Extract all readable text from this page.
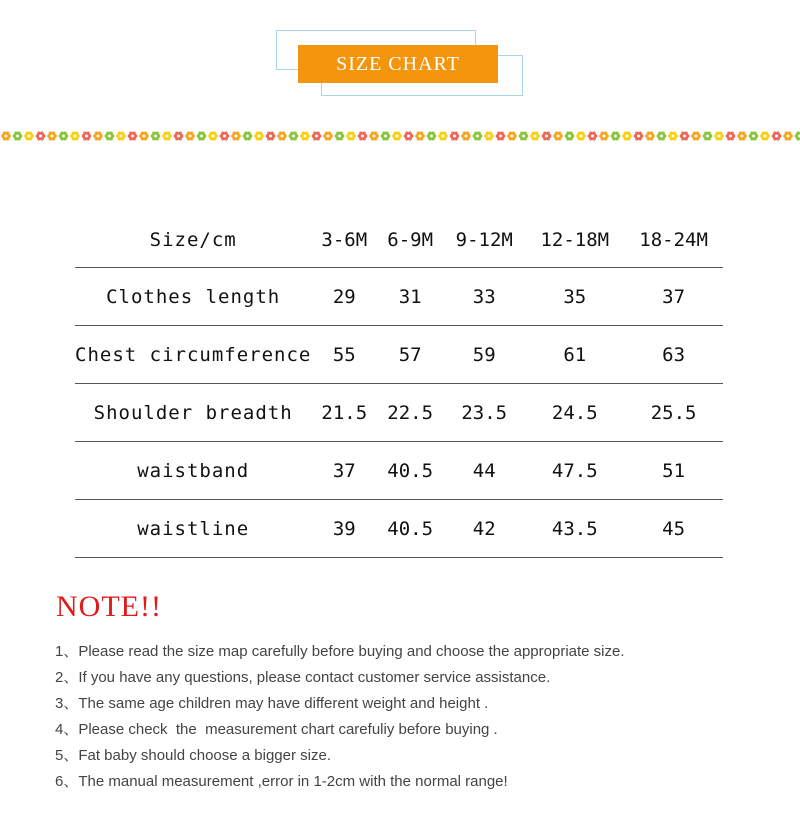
SIZE CHART
Size/cm	3-6M	6-9M	9-12M	12-18M	18-24M
Clothes length	29	31	33	35	37
Chest circumference	55	57	59	61	63
Shoulder breadth	21.5	22.5	23.5	24.5	25.5
waistband	37	40.5	44	47.5	51
waistline	39	40.5	42	43.5	45
NOTE!!
1、Please read the size map carefully before buying and choose the appropriate size.
2、If you have any questions, please contact customer service assistance.
3、The same age children may have different weight and height .
4、Please check  the  measurement chart carefuliy before buying .
5、Fat baby should choose a bigger size.
6、The manual measurement ,error in 1-2cm with the normal range!
